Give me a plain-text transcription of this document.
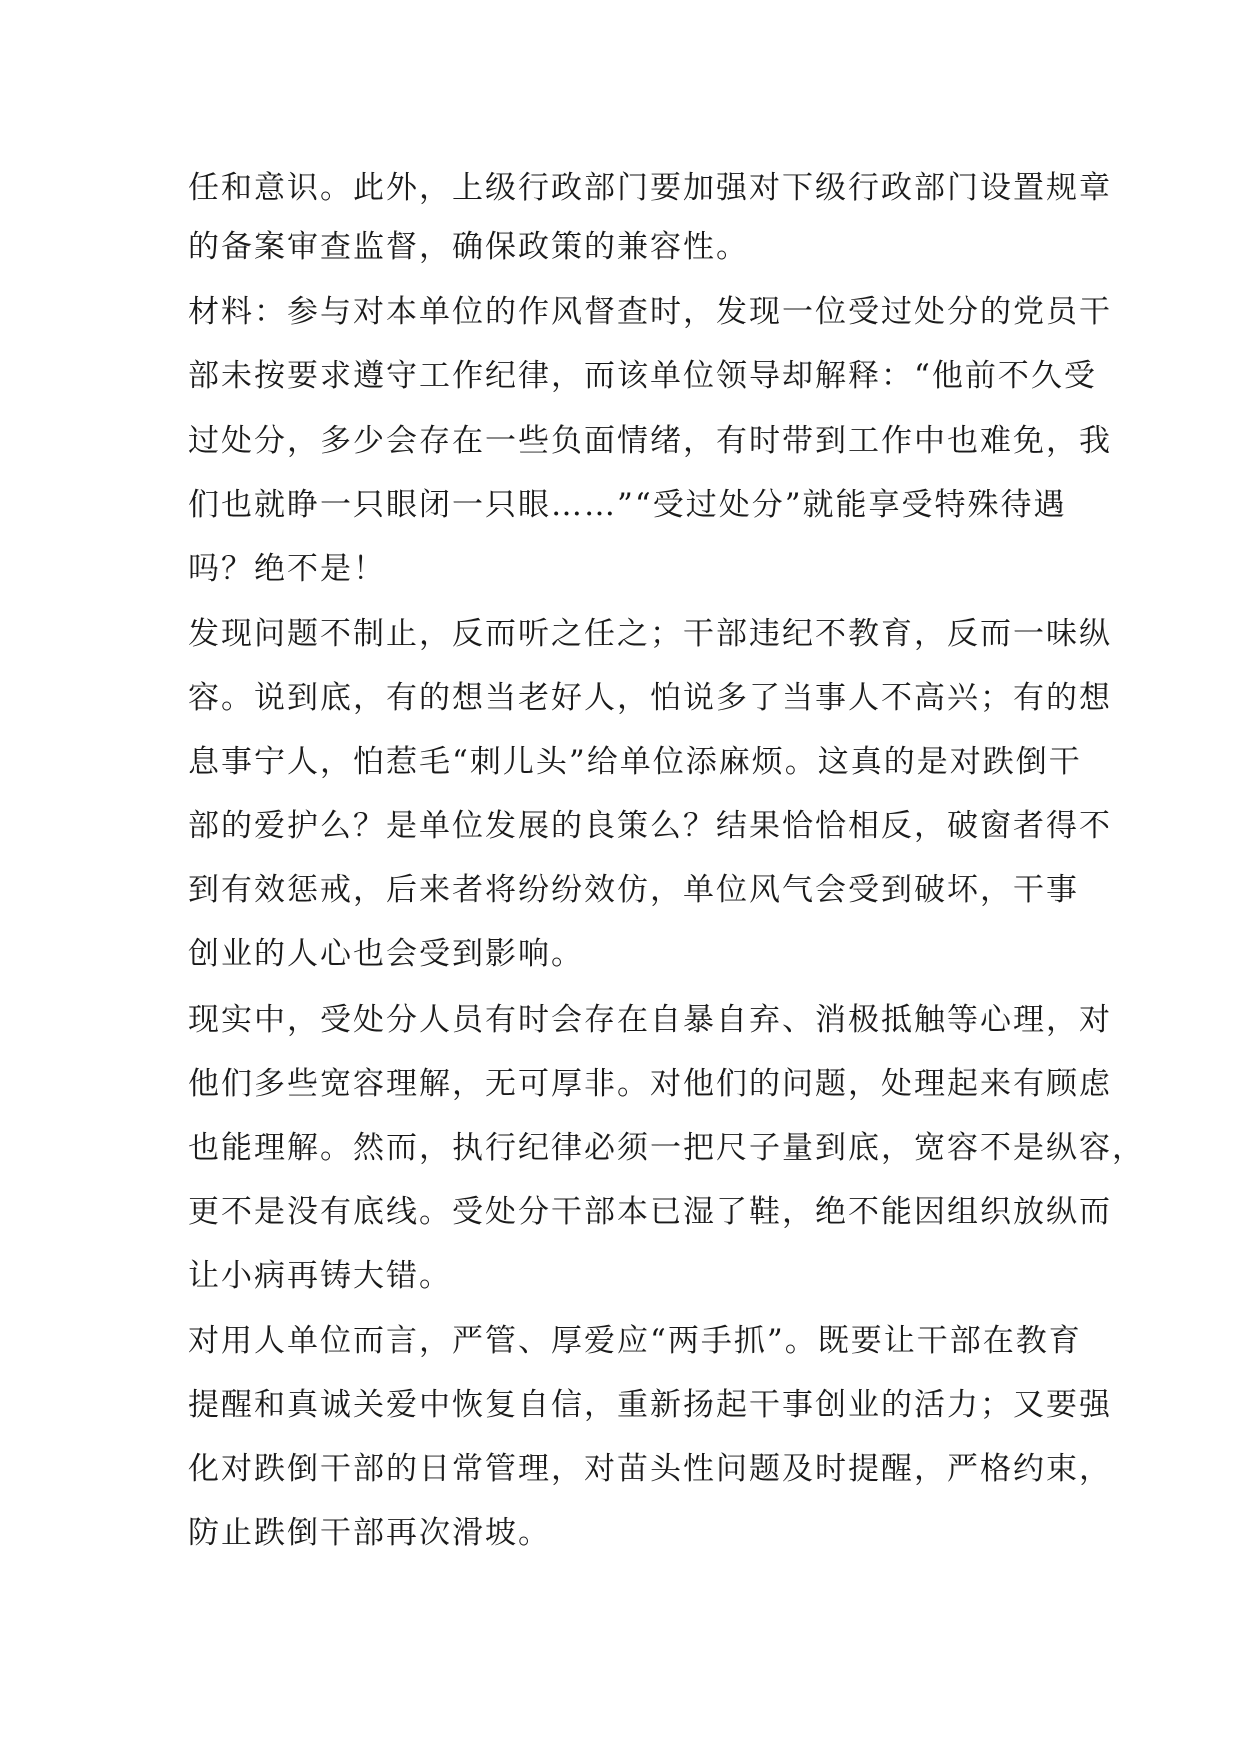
任和意识。此外，上级行政部门要加强对下级行政部门设置规章
的备案审查监督，确保政策的兼容性。
材料：参与对本单位的作风督查时，发现一位受过处分的党员干
部未按要求遵守工作纪律，而该单位领导却解释：“他前不久受
过处分，多少会存在一些负面情绪，有时带到工作中也难免，我
们也就睁一只眼闭一只眼……”“受过处分”就能享受特殊待遇
吗？绝不是！
发现问题不制止，反而听之任之；干部违纪不教育，反而一味纵
容。说到底，有的想当老好人，怕说多了当事人不高兴；有的想
息事宁人，怕惹毛“刺儿头”给单位添麻烦。这真的是对跌倒干
部的爱护么？是单位发展的良策么？结果恰恰相反，破窗者得不
到有效惩戒，后来者将纷纷效仿，单位风气会受到破坏，干事
创业的人心也会受到影响。
现实中，受处分人员有时会存在自暴自弃、消极抵触等心理，对
他们多些宽容理解，无可厚非。对他们的问题，处理起来有顾虑
也能理解。然而，执行纪律必须一把尺子量到底，宽容不是纵容，
更不是没有底线。受处分干部本已湿了鞋，绝不能因组织放纵而
让小病再铸大错。
对用人单位而言，严管、厚爱应“两手抓”。既要让干部在教育
提醒和真诚关爱中恢复自信，重新扬起干事创业的活力；又要强
化对跌倒干部的日常管理，对苗头性问题及时提醒，严格约束，
防止跌倒干部再次滑坡。
